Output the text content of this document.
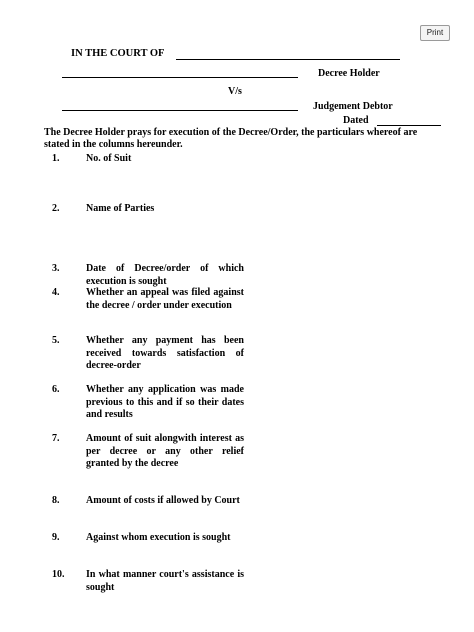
Print
IN THE COURT OF
Decree Holder
V/s
Judgement Debtor
Dated
The Decree Holder prays for execution of the Decree/Order, the particulars whereof are stated in the columns hereunder.
1.	No. of Suit
2.	Name of Parties
3.	Date of Decree/order of which execution is sought
4.	Whether an appeal was filed against the decree / order under execution
5.	Whether any payment has been received towards satisfaction of decree-order
6.	Whether any application was made previous to this and if so their dates and results
7.	Amount of suit alongwith interest as per decree or any other relief granted by the decree
8.	Amount of costs if allowed by Court
9.	Against whom execution is sought
10.	In what manner court's assistance is sought
